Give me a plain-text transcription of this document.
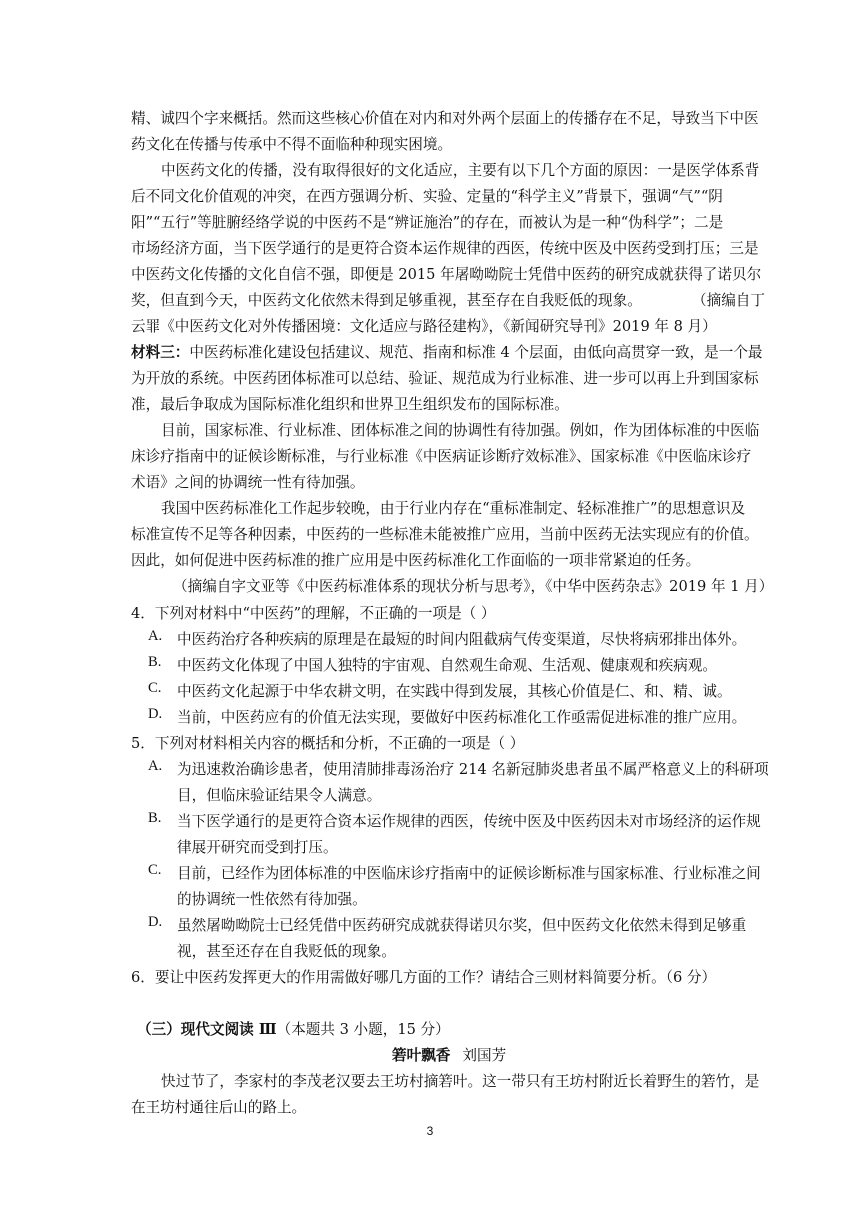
精、诚四个字来概括。然而这些核心价值在对内和对外两个层面上的传播存在不足，导致当下中医
药文化在传播与传承中不得不面临种种现实困境。
中医药文化的传播，没有取得很好的文化适应，主要有以下几个方面的原因：一是医学体系背
后不同文化价值观的冲突，在西方强调分析、实验、定量的“科学主义”背景下，强调“气”“阴
阳”“五行”等脏腑经络学说的中医药不是“辨证施治”的存在，而被认为是一种“伪科学”；二是
市场经济方面，当下医学通行的是更符合资本运作规律的西医，传统中医及中医药受到打压；三是
中医药文化传播的文化自信不强，即便是 2015 年屠呦呦院士凭借中医药的研究成就获得了诺贝尔
奖，但直到今天，中医药文化依然未得到足够重视，甚至存在自我贬低的现象。	（摘编自丁
云罪《中医药文化对外传播困境：文化适应与路径建构》，《新闻研究导刊》2019 年 8 月）
材料三：中医药标准化建设包括建议、规范、指南和标准 4 个层面，由低向高贯穿一致，是一个最
为开放的系统。中医药团体标准可以总结、验证、规范成为行业标准、进一步可以再上升到国家标
准，最后争取成为国际标准化组织和世界卫生组织发布的国际标准。
目前，国家标准、行业标准、团体标准之间的协调性有待加强。例如，作为团体标准的中医临
床诊疗指南中的证候诊断标准，与行业标准《中医病证诊断疗效标准》、国家标准《中医临床诊疗
术语》之间的协调统一性有待加强。
我国中医药标准化工作起步较晚，由于行业内存在“重标准制定、轻标准推广”的思想意识及
标准宣传不足等各种因素，中医药的一些标准未能被推广应用，当前中医药无法实现应有的价值。
因此，如何促进中医药标准的推广应用是中医药标准化工作面临的一项非常紧迫的任务。
（摘编自字文亚等《中医药标准体系的现状分析与思考》，《中华中医药杂志》2019 年 1 月）
4．下列对材料中“中医药”的理解，不正确的一项是（ ）
A. 中医药治疗各种疾病的原理是在最短的时间内阻截病气传变渠道，尽快将病邪排出体外。
B. 中医药文化体现了中国人独特的宇宙观、自然观生命观、生活观、健康观和疾病观。
C. 中医药文化起源于中华农耕文明，在实践中得到发展，其核心价值是仁、和、精、诚。
D. 当前，中医药应有的价值无法实现，要做好中医药标准化工作亟需促进标准的推广应用。
5．下列对材料相关内容的概括和分析，不正确的一项是（ ）
A. 为迅速救治确诊患者，使用清肺排毒汤治疗 214 名新冠肺炎患者虽不属严格意义上的科研项
目，但临床验证结果令人满意。
B. 当下医学通行的是更符合资本运作规律的西医，传统中医及中医药因未对市场经济的运作规
律展开研究而受到打压。
C. 目前，已经作为团体标准的中医临床诊疗指南中的证候诊断标准与国家标准、行业标准之间
的协调统一性依然有待加强。
D. 虽然屠呦呦院士已经凭借中医药研究成就获得诺贝尔奖，但中医药文化依然未得到足够重
视，甚至还存在自我贬低的现象。
6．要让中医药发挥更大的作用需做好哪几方面的工作？请结合三则材料简要分析。（6 分）
（三）现代文阅读 Ⅲ（本题共 3 小题，15 分）
箬叶飘香 刘国芳
快过节了，李家村的李茂老汉要去王坊村摘箬叶。这一带只有王坊村附近长着野生的箬竹，是
在王坊村通往后山的路上。
3
